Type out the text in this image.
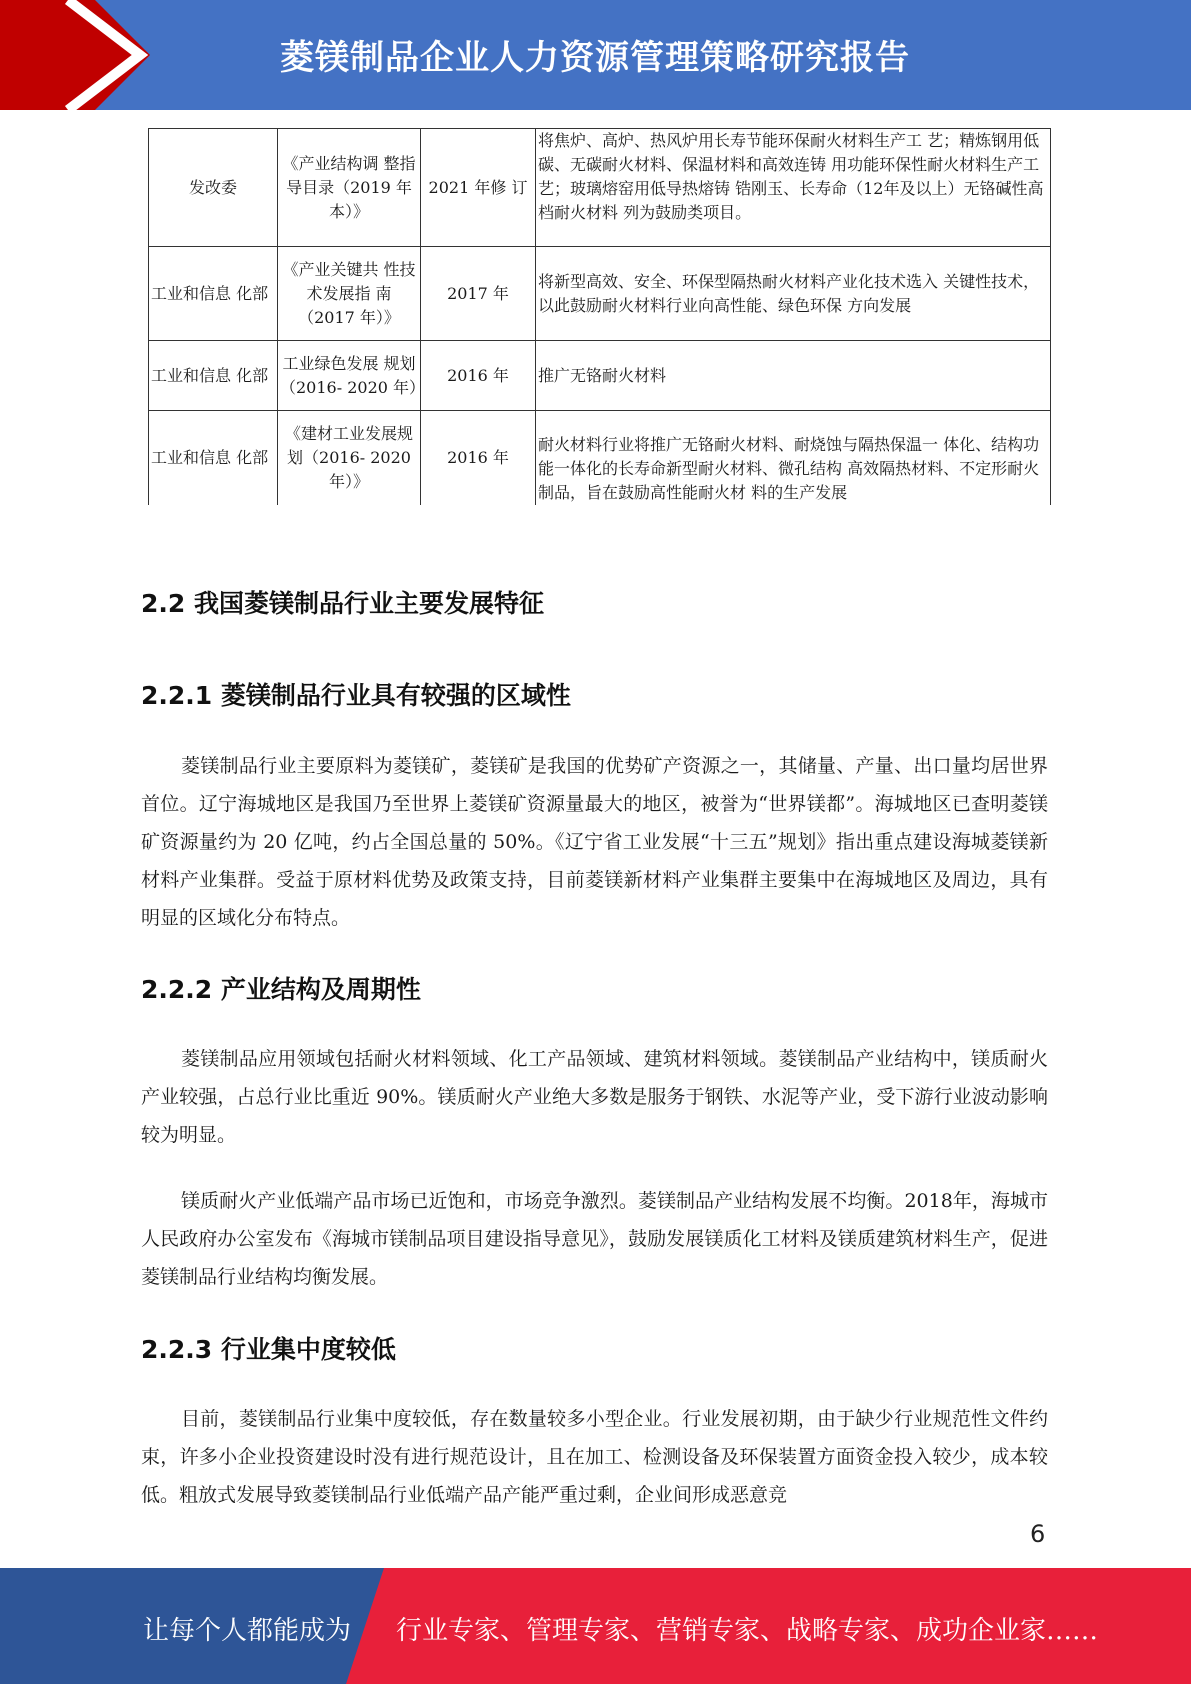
菱镁制品企业人力资源管理策略研究报告
发改委	《产业结构调 整指导目录（2019 年本）》	2021 年修 订	将焦炉、高炉、热风炉用长寿节能环保耐火材料生产工 艺；精炼钢用低碳、无碳耐火材料、保温材料和高效连铸 用功能环保性耐火材料生产工艺；玻璃熔窑用低导热熔铸 锆刚玉、长寿命（12年及以上）无铬碱性高档耐火材料 列为鼓励类项目。
工业和信息 化部	《产业关键共 性技术发展指 南（2017 年）》	2017 年	将新型高效、安全、环保型隔热耐火材料产业化技术选入 关键性技术，以此鼓励耐火材料行业向高性能、绿色环保 方向发展
工业和信息 化部	工业绿色发展 规划（2016- 2020 年）	2016 年	推广无铬耐火材料
工业和信息 化部	《建材工业发展规划（2016- 2020 年）》	2016 年	耐火材料行业将推广无铬耐火材料、耐烧蚀与隔热保温一 体化、结构功能一体化的长寿命新型耐火材料、微孔结构 高效隔热材料、不定形耐火制品，旨在鼓励高性能耐火材 料的生产发展
2.2 我国菱镁制品行业主要发展特征
2.2.1 菱镁制品行业具有较强的区域性
菱镁制品行业主要原料为菱镁矿，菱镁矿是我国的优势矿产资源之一，其储量、产量、出口量均居世界首位。辽宁海城地区是我国乃至世界上菱镁矿资源量最大的地区，被誉为“世界镁都”。海城地区已查明菱镁矿资源量约为 20 亿吨，约占全国总量的 50%。《辽宁省工业发展“十三五”规划》指出重点建设海城菱镁新材料产业集群。受益于原材料优势及政策支持，目前菱镁新材料产业集群主要集中在海城地区及周边，具有明显的区域化分布特点。
2.2.2 产业结构及周期性
菱镁制品应用领域包括耐火材料领域、化工产品领域、建筑材料领域。菱镁制品产业结构中，镁质耐火产业较强，占总行业比重近 90%。镁质耐火产业绝大多数是服务于钢铁、水泥等产业，受下游行业波动影响较为明显。
镁质耐火产业低端产品市场已近饱和，市场竞争激烈。菱镁制品产业结构发展不均衡。2018年，海城市人民政府办公室发布《海城市镁制品项目建设指导意见》，鼓励发展镁质化工材料及镁质建筑材料生产，促进菱镁制品行业结构均衡发展。
2.2.3 行业集中度较低
目前，菱镁制品行业集中度较低，存在数量较多小型企业。行业发展初期，由于缺少行业规范性文件约束，许多小企业投资建设时没有进行规范设计，且在加工、检测设备及环保装置方面资金投入较少，成本较低。粗放式发展导致菱镁制品行业低端产品产能严重过剩，企业间形成恶意竞
6
让每个人都能成为 行业专家、管理专家、营销专家、战略专家、成功企业家……
